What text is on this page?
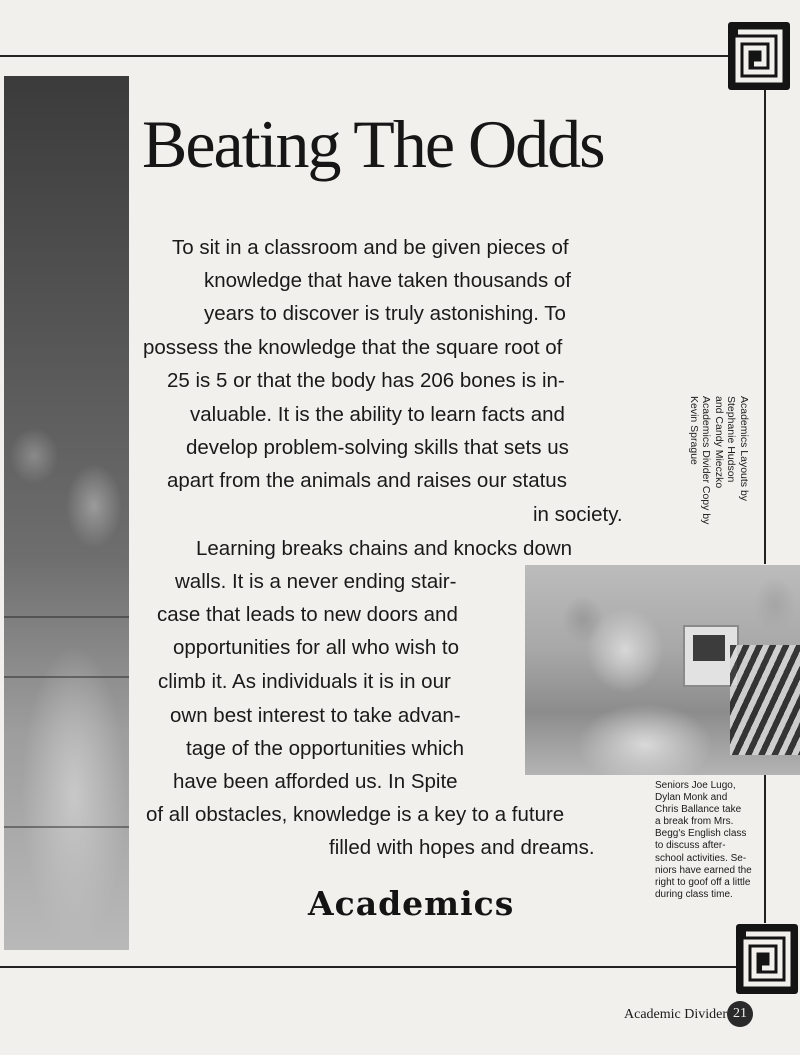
Beating The Odds
To sit in a classroom and be given pieces of
knowledge that have taken thousands of
years to discover is truly astonishing. To
possess the knowledge that the square root of
25 is 5 or that the body has 206 bones is in-
valuable. It is the ability to learn facts and
develop problem-solving skills that sets us
apart from the animals and raises our status
in society.
Learning breaks chains and knocks down
walls. It is a never ending stair-
case that leads to new doors and
opportunities for all who wish to
climb it. As individuals it is in our
own best interest to take advan-
tage of the opportunities which
have been afforded us. In Spite
of all obstacles, knowledge is a key to a future
filled with hopes and dreams.
Academics Layouts by
Stephanie Hudson
and Candy Mieczko
Academics Divider Copy by
Kevin Sprague
Seniors Joe Lugo,
Dylan Monk and
Chris Ballance take
a break from Mrs.
Begg's English class
to discuss after-
school activities. Se-
niors have earned the
right to goof off a little
during class time.
Academics
Academic Divider 21
